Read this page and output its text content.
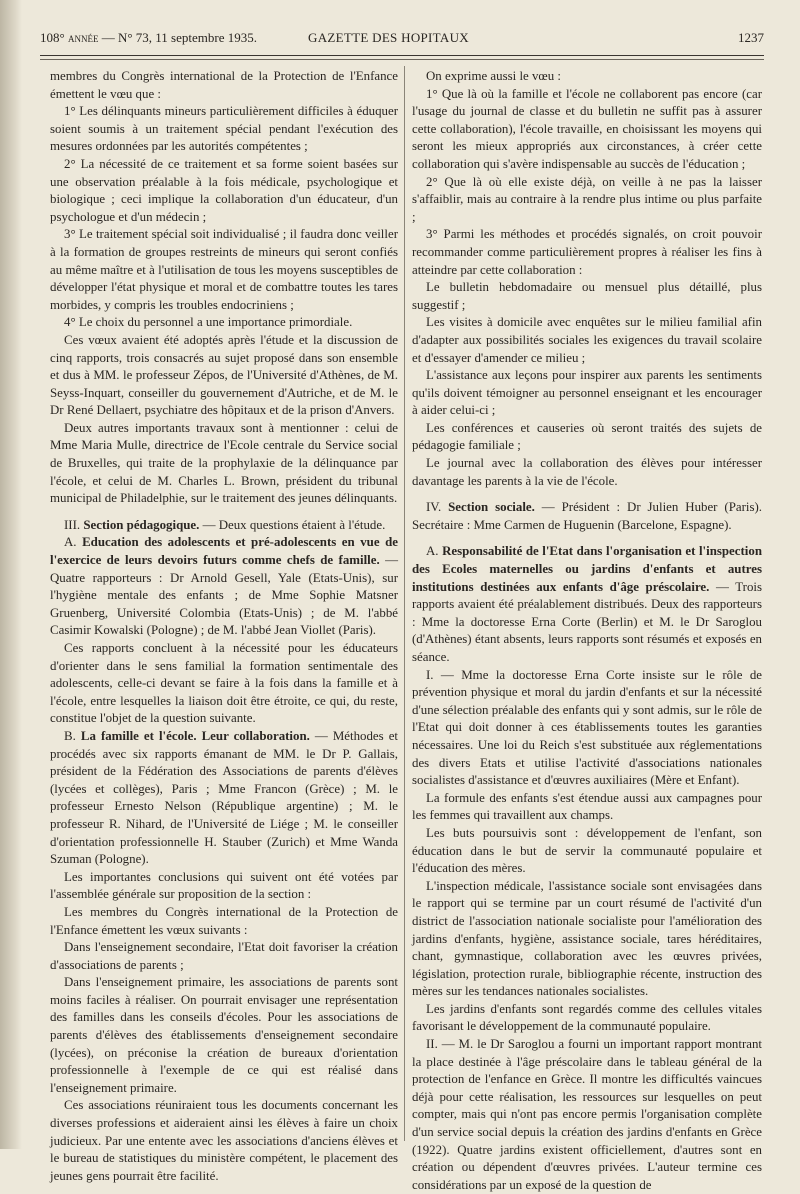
108° année — N° 73, 11 septembre 1935.	GAZETTE DES HOPITAUX	1237

membres du Congrès international de la Protection de l'Enfance émettent le vœu que :

1° Les délinquants mineurs particulièrement difficiles à éduquer soient soumis à un traitement spécial pendant l'exécution des mesures ordonnées par les autorités compétentes ;

2° La nécessité de ce traitement et sa forme soient basées sur une observation préalable à la fois médicale, psychologique et biologique ; ceci implique la collaboration d'un éducateur, d'un psychologue et d'un médecin ;

3° Le traitement spécial soit individualisé ; il faudra donc veiller à la formation de groupes restreints de mineurs qui seront confiés au même maître et à l'utilisation de tous les moyens susceptibles de développer l'état physique et moral et de combattre toutes les tares morbides, y compris les troubles endocriniens ;

4° Le choix du personnel a une importance primordiale.

Ces vœux avaient été adoptés après l'étude et la discussion de cinq rapports, trois consacrés au sujet proposé dans son ensemble et dus à MM. le professeur Zépos, de l'Université d'Athènes, de M. Seyss-Inquart, conseiller du gouvernement d'Autriche, et de M. le Dr René Dellaert, psychiatre des hôpitaux et de la prison d'Anvers.

Deux autres importants travaux sont à mentionner : celui de Mme Maria Mulle, directrice de l'Ecole centrale du Service social de Bruxelles, qui traite de la prophylaxie de la délinquance par l'école, et celui de M. Charles L. Brown, président du tribunal municipal de Philadelphie, sur le traitement des jeunes délinquants.

III. Section pédagogique. — Deux questions étaient à l'étude.

A. Education des adolescents et pré-adolescents en vue de l'exercice de leurs devoirs futurs comme chefs de famille. — Quatre rapporteurs : Dr Arnold Gesell, Yale (Etats-Unis), sur l'hygiène mentale des enfants ; de Mme Sophie Matsner Gruenberg, Université Colombia (Etats-Unis) ; de M. l'abbé Casimir Kowalski (Pologne) ; de M. l'abbé Jean Viollet (Paris).

Ces rapports concluent à la nécessité pour les éducateurs d'orienter dans le sens familial la formation sentimentale des adolescents, celle-ci devant se faire à la fois dans la famille et à l'école, entre lesquelles la liaison doit être étroite, ce qui, du reste, constitue l'objet de la question suivante.

B. La famille et l'école. Leur collaboration. — Méthodes et procédés avec six rapports émanant de MM. le Dr P. Gallais, président de la Fédération des Associations de parents d'élèves (lycées et collèges), Paris ; Mme Francon (Grèce) ; M. le professeur Ernesto Nelson (République argentine) ; M. le professeur R. Nihard, de l'Université de Liége ; M. le conseiller d'orientation professionnelle H. Stauber (Zurich) et Mme Wanda Szuman (Pologne).

Les importantes conclusions qui suivent ont été votées par l'assemblée générale sur proposition de la section :

Les membres du Congrès international de la Protection de l'Enfance émettent les vœux suivants :

Dans l'enseignement secondaire, l'Etat doit favoriser la création d'associations de parents ;

Dans l'enseignement primaire, les associations de parents sont moins faciles à réaliser. On pourrait envisager une représentation des familles dans les conseils d'écoles. Pour les associations de parents d'élèves des établissements d'enseignement secondaire (lycées), on préconise la création de bureaux d'orientation professionnelle à l'exemple de ce qui est réalisé dans l'enseignement primaire.

Ces associations réuniraient tous les documents concernant les diverses professions et aideraient ainsi les élèves à faire un choix judicieux. Par une entente avec les associations d'anciens élèves et le bureau de statistiques du ministère compétent, le placement des jeunes gens pourrait être facilité.

On exprime aussi le vœu :

1° Que là où la famille et l'école ne collaborent pas encore (car l'usage du journal de classe et du bulletin ne suffit pas à assurer cette collaboration), l'école travaille, en choisissant les moyens qui seront les mieux appropriés aux circonstances, à créer cette collaboration qui s'avère indispensable au succès de l'éducation ;

2° Que là où elle existe déjà, on veille à ne pas la laisser s'affaiblir, mais au contraire à la rendre plus intime ou plus parfaite ;

3° Parmi les méthodes et procédés signalés, on croit pouvoir recommander comme particulièrement propres à réaliser les fins à atteindre par cette collaboration :

Le bulletin hebdomadaire ou mensuel plus détaillé, plus suggestif ;

Les visites à domicile avec enquêtes sur le milieu familial afin d'adapter aux possibilités sociales les exigences du travail scolaire et d'essayer d'amender ce milieu ;

L'assistance aux leçons pour inspirer aux parents les sentiments qu'ils doivent témoigner au personnel enseignant et les encourager à aider celui-ci ;

Les conférences et causeries où seront traités des sujets de pédagogie familiale ;

Le journal avec la collaboration des élèves pour intéresser davantage les parents à la vie de l'école.

IV. Section sociale. — Président : Dr Julien Huber (Paris). Secrétaire : Mme Carmen de Huguenin (Barcelone, Espagne).

A. Responsabilité de l'Etat dans l'organisation et l'inspection des Ecoles maternelles ou jardins d'enfants et autres institutions destinées aux enfants d'âge préscolaire. — Trois rapports avaient été préalablement distribués. Deux des rapporteurs : Mme la doctoresse Erna Corte (Berlin) et M. le Dr Saroglou (d'Athènes) étant absents, leurs rapports sont résumés et exposés en séance.

I. — Mme la doctoresse Erna Corte insiste sur le rôle de prévention physique et moral du jardin d'enfants et sur la nécessité d'une sélection préalable des enfants qui y sont admis, sur le rôle de l'Etat qui doit donner à ces établissements toutes les garanties nécessaires. Une loi du Reich s'est substituée aux réglementations des divers Etats et utilise l'activité d'associations nationales socialistes d'assistance et d'œuvres auxiliaires (Mère et Enfant).

La formule des enfants s'est étendue aussi aux campagnes pour les femmes qui travaillent aux champs.

Les buts poursuivis sont : développement de l'enfant, son éducation dans le but de servir la communauté populaire et l'éducation des mères.

L'inspection médicale, l'assistance sociale sont envisagées dans le rapport qui se termine par un court résumé de l'activité d'un district de l'association nationale socialiste pour l'amélioration des jardins d'enfants, hygiène, assistance sociale, tares héréditaires, chant, gymnastique, collaboration avec les œuvres privées, législation, protection rurale, bibliographie récente, instruction des mères sur les tendances nationales socialistes.

Les jardins d'enfants sont regardés comme des cellules vitales favorisant le développement de la communauté populaire.

II. — M. le Dr Saroglou a fourni un important rapport montrant la place destinée à l'âge préscolaire dans le tableau général de la protection de l'enfance en Grèce. Il montre les difficultés vaincues déjà pour cette réalisation, les ressources sur lesquelles on peut compter, mais qui n'ont pas encore permis l'organisation complète d'un service social depuis la création des jardins d'enfants en Grèce (1922). Quatre jardins existent officiellement, d'autres sont en création ou dépendent d'œuvres privées. L'auteur termine ces considérations par un exposé de la question de
